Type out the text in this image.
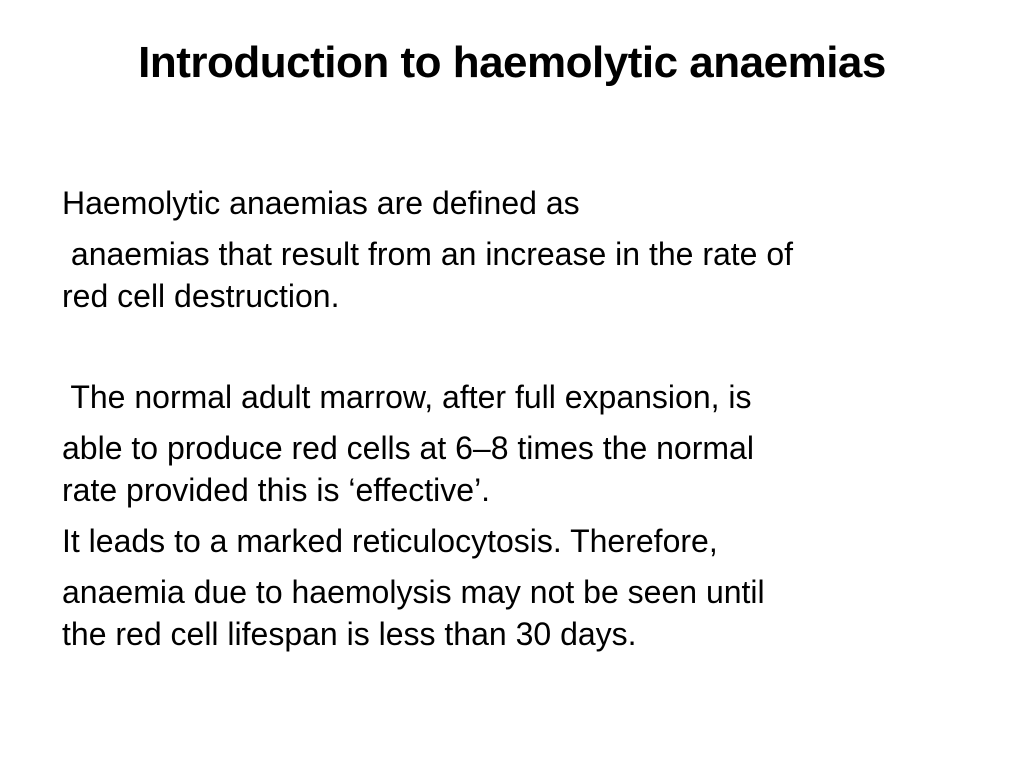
Introduction to haemolytic anaemias
Haemolytic anaemias are defined as
anaemias that result from an increase in the rate of
red cell destruction.
The normal adult marrow, after full expansion, is
able to produce red cells at 6–8 times the normal
rate provided this is ‘effective’.
It leads to a marked reticulocytosis. Therefore,
anaemia due to haemolysis may not be seen until
the red cell lifespan is less than 30 days.
